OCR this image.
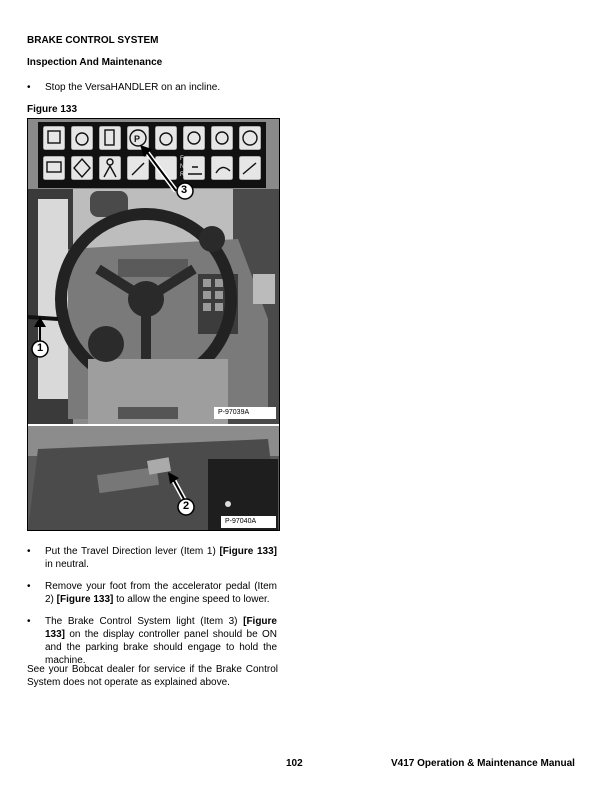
BRAKE CONTROL SYSTEM
Inspection And Maintenance
• Stop the VersaHANDLER on an incline.
Figure 133
P
F
N
R
3
1
2
P-97039A
P-97040A
• Put the Travel Direction lever (Item 1) [Figure 133] in neutral.
• Remove your foot from the accelerator pedal (Item 2) [Figure 133] to allow the engine speed to lower.
• The Brake Control System light (Item 3) [Figure 133] on the display controller panel should be ON and the parking brake should engage to hold the machine.
See your Bobcat dealer for service if the Brake Control System does not operate as explained above.
102	V417 Operation & Maintenance Manual
